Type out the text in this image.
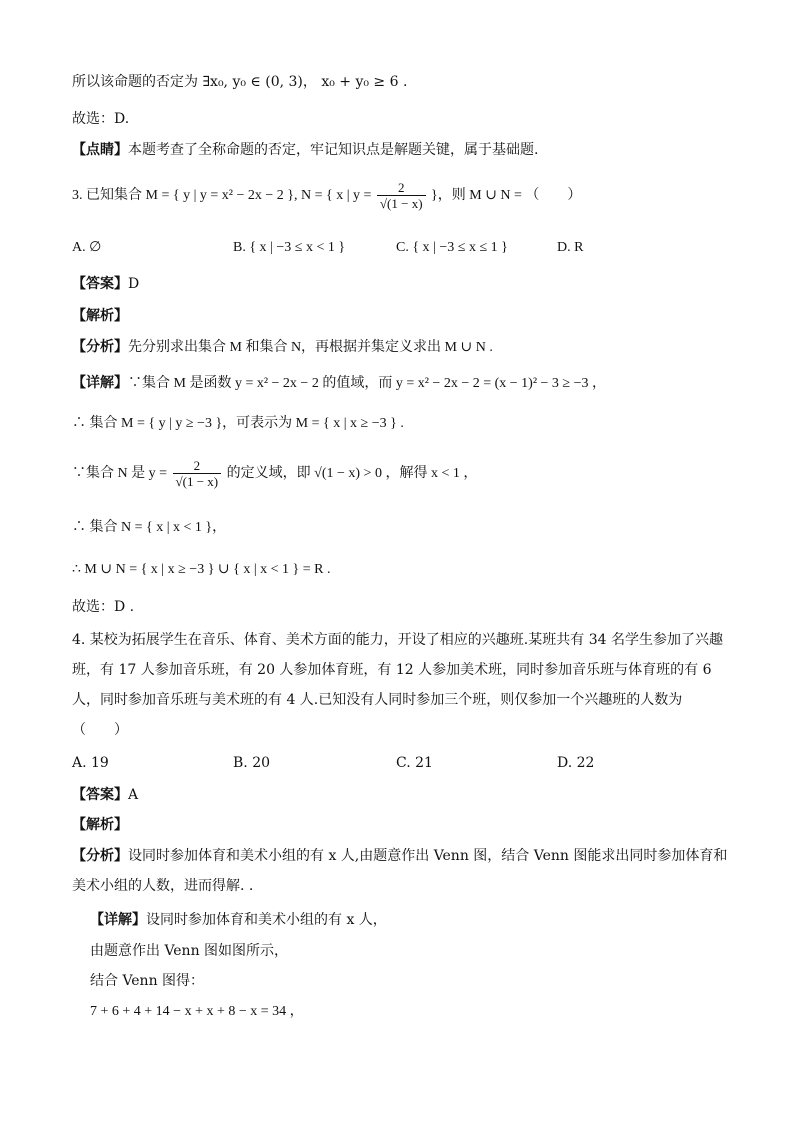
所以该命题的否定为 ∃x₀, y₀ ∈ (0, 3)， x₀ + y₀ ≥ 6 .
故选：D.
【点睛】本题考查了全称命题的否定，牢记知识点是解题关键，属于基础题.
3. 已知集合 M = { y | y = x² − 2x − 2 }, N = { x | $y = \frac{2}{√(1 - x)}$ }，则 M ∪ N = （　　）
A. ∅	B. { x | −3 ≤ x < 1 }	C. { x | −3 ≤ x ≤ 1 }	D. R
【答案】D
【解析】
【分析】先分别求出集合 M 和集合 N，再根据并集定义求出 M ∪ N .
【详解】∵集合 M 是函数 y = x² − 2x − 2 的值域，而 y = x² − 2x − 2 = (x − 1)² − 3 ≥ −3 ，
∴ 集合 M = { y | y ≥ −3 }，可表示为 M = { x | x ≥ −3 } .
∵集合 N 是 $y = \frac{2}{√(1 - x)}$ 的定义域，即 √(1 − x) > 0 ，解得 x < 1 ，
∴ 集合 N = { x | x < 1 }，
∴ M ∪ N = { x | x ≥ −3 } ∪ { x | x < 1 } = R .
故选：D .
4. 某校为拓展学生在音乐、体育、美术方面的能力，开设了相应的兴趣班.某班共有 34 名学生参加了兴趣
班，有 17 人参加音乐班，有 20 人参加体育班，有 12 人参加美术班，同时参加音乐班与体育班的有 6
人，同时参加音乐班与美术班的有 4 人.已知没有人同时参加三个班，则仅参加一个兴趣班的人数为
（　　）
A. 19	B. 20	C. 21	D. 22
【答案】A
【解析】
【分析】设同时参加体育和美术小组的有 x 人,由题意作出 Venn 图，结合 Venn 图能求出同时参加体育和
美术小组的人数，进而得解. .
【详解】设同时参加体育和美术小组的有 x 人，
由题意作出 Venn 图如图所示，
结合 Venn 图得：
7 + 6 + 4 + 14 − x + x + 8 − x = 34 ，
